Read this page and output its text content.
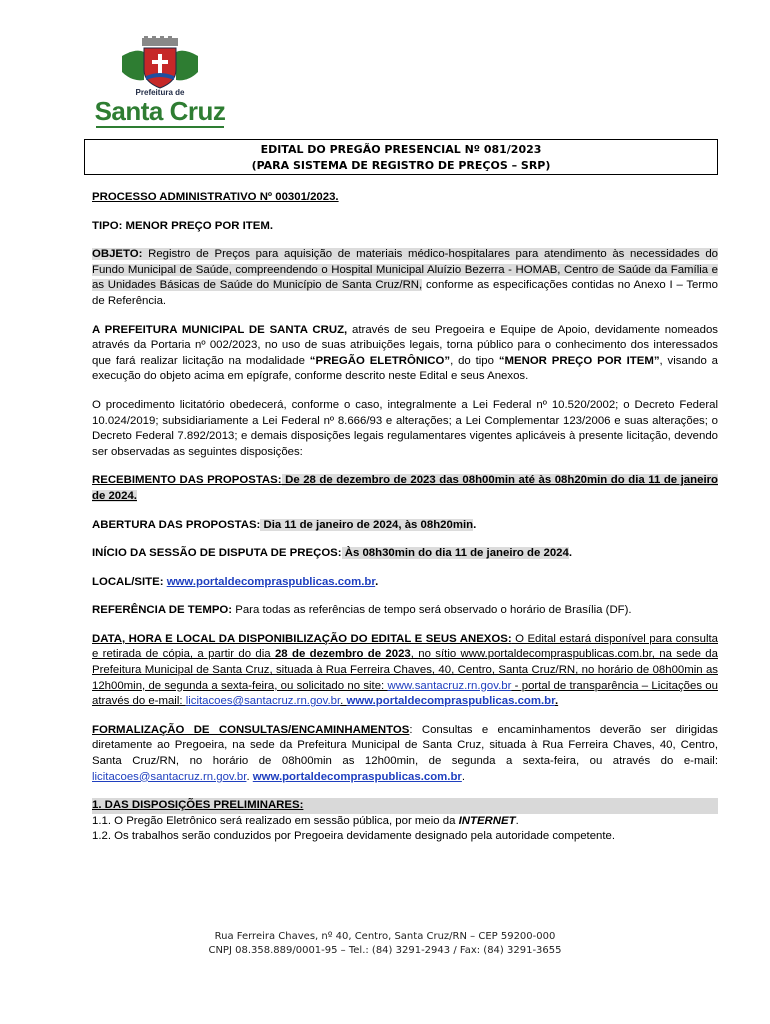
Prefeitura de
Santa Cruz
EDITAL DO PREGÃO PRESENCIAL Nº 081/2023
(PARA SISTEMA DE REGISTRO DE PREÇOS – SRP)

PROCESSO ADMINISTRATIVO Nº 00301/2023.

TIPO: MENOR PREÇO POR ITEM.

OBJETO: Registro de Preços para aquisição de materiais médico-hospitalares para atendimento às necessidades do Fundo Municipal de Saúde, compreendendo o Hospital Municipal Aluízio Bezerra - HOMAB, Centro de Saúde da Família e as Unidades Básicas de Saúde do Município de Santa Cruz/RN, conforme as especificações contidas no Anexo I – Termo de Referência.

A PREFEITURA MUNICIPAL DE SANTA CRUZ, através de seu Pregoeira e Equipe de Apoio, devidamente nomeados através da Portaria nº 002/2023, no uso de suas atribuições legais, torna público para o conhecimento dos interessados que fará realizar licitação na modalidade “PREGÃO ELETRÔNICO”, do tipo “MENOR PREÇO POR ITEM”, visando a execução do objeto acima em epígrafe, conforme descrito neste Edital e seus Anexos.

O procedimento licitatório obedecerá, conforme o caso, integralmente a Lei Federal nº 10.520/2002; o Decreto Federal 10.024/2019; subsidiariamente a Lei Federal nº 8.666/93 e alterações; a Lei Complementar 123/2006 e suas alterações; o Decreto Federal 7.892/2013; e demais disposições legais regulamentares vigentes aplicáveis à presente licitação, devendo ser observadas as seguintes disposições:

RECEBIMENTO DAS PROPOSTAS: De 28 de dezembro de 2023 das 08h00min até às 08h20min do dia 11 de janeiro de 2024.

ABERTURA DAS PROPOSTAS: Dia 11 de janeiro de 2024, às 08h20min.

INÍCIO DA SESSÃO DE DISPUTA DE PREÇOS: Às 08h30min do dia 11 de janeiro de 2024.

LOCAL/SITE: www.portaldecompraspublicas.com.br.

REFERÊNCIA DE TEMPO: Para todas as referências de tempo será observado o horário de Brasília (DF).

DATA, HORA E LOCAL DA DISPONIBILIZAÇÃO DO EDITAL E SEUS ANEXOS: O Edital estará disponível para consulta e retirada de cópia, a partir do dia 28 de dezembro de 2023, no sítio www.portaldecompraspublicas.com.br, na sede da Prefeitura Municipal de Santa Cruz, situada à Rua Ferreira Chaves, 40, Centro, Santa Cruz/RN, no horário de 08h00min as 12h00min, de segunda a sexta-feira, ou solicitado no site: www.santacruz.rn.gov.br - portal de transparência – Licitações ou através do e-mail: licitacoes@santacruz.rn.gov.br. www.portaldecompraspublicas.com.br.

FORMALIZAÇÃO DE CONSULTAS/ENCAMINHAMENTOS: Consultas e encaminhamentos deverão ser dirigidas diretamente ao Pregoeira, na sede da Prefeitura Municipal de Santa Cruz, situada à Rua Ferreira Chaves, 40, Centro, Santa Cruz/RN, no horário de 08h00min as 12h00min, de segunda a sexta-feira, ou através do e-mail: licitacoes@santacruz.rn.gov.br. www.portaldecompraspublicas.com.br.

1. DAS DISPOSIÇÕES PRELIMINARES:

1.1. O Pregão Eletrônico será realizado em sessão pública, por meio da INTERNET.

1.2. Os trabalhos serão conduzidos por Pregoeira devidamente designado pela autoridade competente.

Rua Ferreira Chaves, nº 40, Centro, Santa Cruz/RN – CEP 59200-000
CNPJ 08.358.889/0001-95 – Tel.: (84) 3291-2943 / Fax: (84) 3291-3655
